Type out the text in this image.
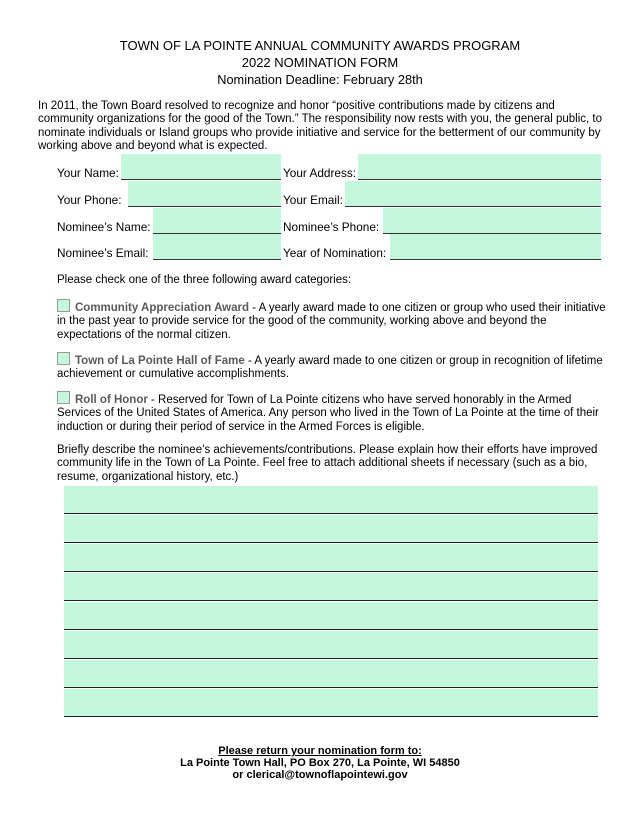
TOWN OF LA POINTE ANNUAL COMMUNITY AWARDS PROGRAM
2022 NOMINATION FORM
Nomination Deadline: February 28th
In 2011, the Town Board resolved to recognize and honor “positive contributions made by citizens and community organizations for the good of the Town.” The responsibility now rests with you, the general public, to nominate individuals or Island groups who provide initiative and service for the betterment of our community by working above and beyond what is expected.
Your Name:	Your Address:
Your Phone:	Your Email:
Nominee’s Name:	Nominee’s Phone:
Nominee’s Email:	Year of Nomination:
Please check one of the three following award categories:
Community Appreciation Award - A yearly award made to one citizen or group who used their initiative in the past year to provide service for the good of the community, working above and beyond the expectations of the normal citizen.
Town of La Pointe Hall of Fame - A yearly award made to one citizen or group in recognition of lifetime achievement or cumulative accomplishments.
Roll of Honor - Reserved for Town of La Pointe citizens who have served honorably in the Armed Services of the United States of America. Any person who lived in the Town of La Pointe at the time of their induction or during their period of service in the Armed Forces is eligible.
Briefly describe the nominee’s achievements/contributions. Please explain how their efforts have improved community life in the Town of La Pointe. Feel free to attach additional sheets if necessary (such as a bio, resume, organizational history, etc.)
Please return your nomination form to:
La Pointe Town Hall, PO Box 270, La Pointe, WI 54850
or clerical@townoflapointewi.gov
